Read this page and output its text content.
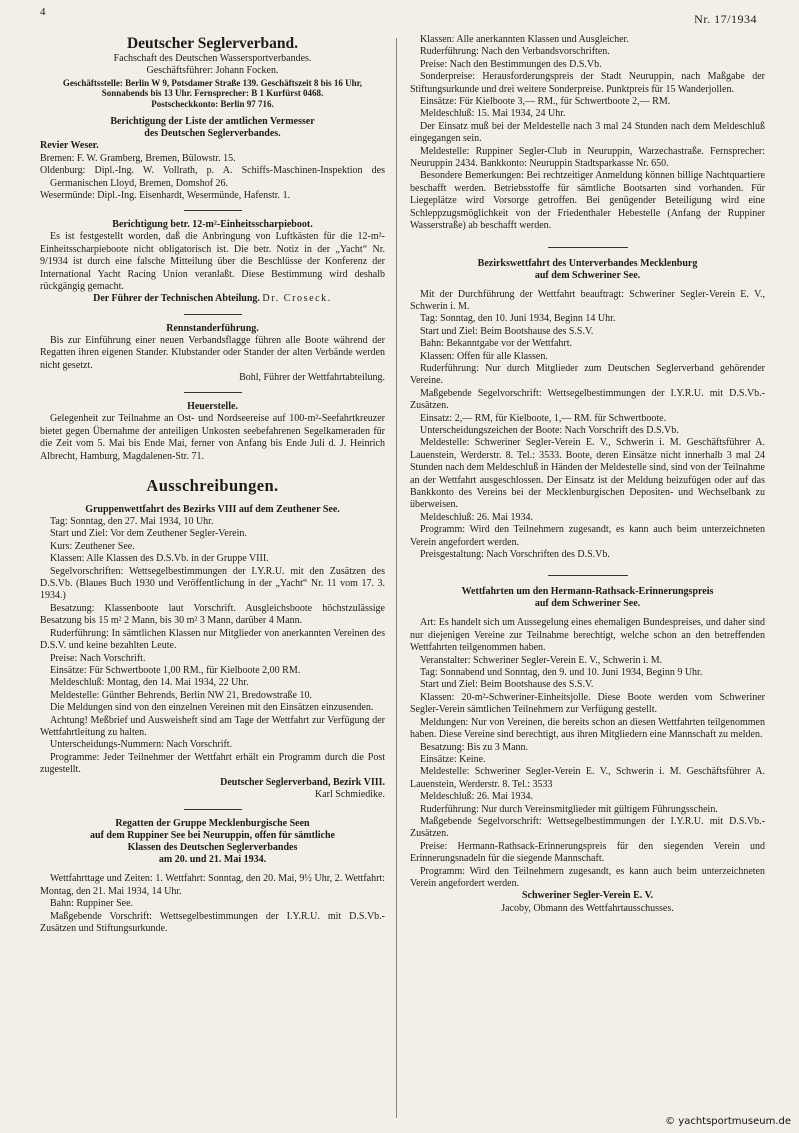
4	Nr. 17/1934

Deutscher Seglerverband.

Fachschaft des Deutschen Wassersportverbandes.

Geschäftsführer: Johann Focken.

Geschäftsstelle: Berlin W 9, Potsdamer Straße 139. Geschäftszeit 8 bis 16 Uhr,
Sonnabends bis 13 Uhr. Fernsprecher: B 1 Kurfürst 0468.
Postscheckkonto: Berlin 97 716.

Berichtigung der Liste der amtlichen Vermesser
des Deutschen Seglerverbandes.

Revier Weser.

Bremen: F. W. Gramberg, Bremen, Bülowstr. 15.

Oldenburg: Dipl.-Ing. W. Vollrath, p. A. Schiffs-Maschinen-Inspektion des Germanischen Lloyd, Bremen, Domshof 26.

Wesermünde: Dipl.-Ing. Eisenhardt, Wesermünde, Hafenstr. 1.

Berichtigung betr. 12-m²-Einheitsscharpieboot.

Es ist festgestellt worden, daß die Anbringung von Luftkästen für die 12-m²-Einheitsscharpieboote nicht obligatorisch ist. Die betr. Notiz in der „Yacht“ Nr. 9/1934 ist durch eine falsche Mitteilung über die Beschlüsse der Konferenz der International Yacht Racing Union veranlaßt. Diese Bestimmung wird deshalb rückgängig gemacht.

Der Führer der Technischen Abteilung. Dr. Croseck.

Rennstanderführung.

Bis zur Einführung einer neuen Verbandsflagge führen alle Boote während der Regatten ihren eigenen Stander. Klubstander oder Stander der alten Verbände werden nicht gesetzt.

Bohl, Führer der Wettfahrtabteilung.

Heuerstelle.

Gelegenheit zur Teilnahme an Ost- und Nordseereise auf 100-m²-Seefahrtkreuzer bietet gegen Übernahme der anteiligen Unkosten seebefahrenen Segelkameraden für die Zeit vom 5. Mai bis Ende Mai, ferner von Anfang bis Ende Juli d. J. Heinrich Albrecht, Hamburg, Magdalenen-Str. 71.

Ausschreibungen.

Gruppenwettfahrt des Bezirks VIII auf dem Zeuthener See.

Tag: Sonntag, den 27. Mai 1934, 10 Uhr.

Start und Ziel: Vor dem Zeuthener Segler-Verein.

Kurs: Zeuthener See.

Klassen: Alle Klassen des D.S.Vb. in der Gruppe VIII.

Segelvorschriften: Wettsegelbestimmungen der I.Y.R.U. mit den Zusätzen des D.S.Vb. (Blaues Buch 1930 und Veröffentlichung in der „Yacht“ Nr. 11 vom 17. 3. 1934.)

Besatzung: Klassenboote laut Vorschrift. Ausgleichsboote höchstzulässige Besatzung bis 15 m² 2 Mann, bis 30 m² 3 Mann, darüber 4 Mann.

Ruderführung: In sämtlichen Klassen nur Mitglieder von anerkannten Vereinen des D.S.V. und keine bezahlten Leute.

Preise: Nach Vorschrift.

Einsätze: Für Schwertboote 1,00 RM., für Kielboote 2,00 RM.

Meldeschluß: Montag, den 14. Mai 1934, 22 Uhr.

Meldestelle: Günther Behrends, Berlin NW 21, Bredowstraße 10.

Die Meldungen sind von den einzelnen Vereinen mit den Einsätzen einzusenden.

Achtung! Meßbrief und Ausweisheft sind am Tage der Wettfahrt zur Verfügung der Wettfahrtleitung zu halten.

Unterscheidungs-Nummern: Nach Vorschrift.

Programme: Jeder Teilnehmer der Wettfahrt erhält ein Programm durch die Post zugestellt.

Deutscher Seglerverband, Bezirk VIII.

Karl Schmiedike.

Regatten der Gruppe Mecklenburgische Seen
auf dem Ruppiner See bei Neuruppin, offen für sämtliche
Klassen des Deutschen Seglerverbandes
am 20. und 21. Mai 1934.

Wettfahrttage und Zeiten: 1. Wettfahrt: Sonntag, den 20. Mai, 9½ Uhr, 2. Wettfahrt: Montag, den 21. Mai 1934, 14 Uhr.

Bahn: Ruppiner See.

Maßgebende Vorschrift: Wettsegelbestimmungen der I.Y.R.U. mit D.S.Vb.-Zusätzen und Stiftungsurkunde.

Klassen: Alle anerkannten Klassen und Ausgleicher.

Ruderführung: Nach den Verbandsvorschriften.

Preise: Nach den Bestimmungen des D.S.Vb.

Sonderpreise: Herausforderungspreis der Stadt Neuruppin, nach Maßgabe der Stiftungsurkunde und drei weitere Sonderpreise. Punktpreis für 15 Wanderjollen.

Einsätze: Für Kielboote 3,— RM., für Schwertboote 2,— RM.

Meldeschluß: 15. Mai 1934, 24 Uhr.

Der Einsatz muß bei der Meldestelle nach 3 mal 24 Stunden nach dem Meldeschluß eingegangen sein.

Meldestelle: Ruppiner Segler-Club in Neuruppin, Warzechastraße. Fernsprecher: Neuruppin 2434. Bankkonto: Neuruppin Stadtsparkasse Nr. 650.

Besondere Bemerkungen: Bei rechtzeitiger Anmeldung können billige Nachtquartiere beschafft werden. Betriebsstoffe für sämtliche Bootsarten sind vorhanden. Für Liegeplätze wird Vorsorge getroffen. Bei genügender Beteiligung wird eine Schleppzugsmöglichkeit von der Friedenthaler Hebestelle (Anfang der Ruppiner Wasserstraße) ab beschafft werden.

Bezirkswettfahrt des Unterverbandes Mecklenburg
auf dem Schweriner See.

Mit der Durchführung der Wettfahrt beauftragt: Schweriner Segler-Verein E. V., Schwerin i. M.

Tag: Sonntag, den 10. Juni 1934, Beginn 14 Uhr.

Start und Ziel: Beim Bootshause des S.S.V.

Bahn: Bekanntgabe vor der Wettfahrt.

Klassen: Offen für alle Klassen.

Ruderführung: Nur durch Mitglieder zum Deutschen Seglerverband gehörender Vereine.

Maßgebende Segelvorschrift: Wettsegelbestimmungen der I.Y.R.U. mit D.S.Vb.-Zusätzen.

Einsatz: 2,— RM, für Kielboote, 1,— RM. für Schwertboote.

Unterscheidungszeichen der Boote: Nach Vorschrift des D.S.Vb.

Meldestelle: Schweriner Segler-Verein E. V., Schwerin i. M. Geschäftsführer A. Lauenstein, Werderstr. 8. Tel.: 3533. Boote, deren Einsätze nicht innerhalb 3 mal 24 Stunden nach dem Meldeschluß in Händen der Meldestelle sind, sind von der Teilnahme an der Wettfahrt ausgeschlossen. Der Einsatz ist der Meldung beizufügen oder auf das Bankkonto des Vereins bei der Mecklenburgischen Depositen- und Wechselbank zu überweisen.

Meldeschluß: 26. Mai 1934.

Programm: Wird den Teilnehmern zugesandt, es kann auch beim unterzeichneten Verein angefordert werden.

Preisgestaltung: Nach Vorschriften des D.S.Vb.

Wettfahrten um den Hermann-Rathsack-Erinnerungspreis
auf dem Schweriner See.

Art: Es handelt sich um Aussegelung eines ehemaligen Bundespreises, und daher sind nur diejenigen Vereine zur Teilnahme berechtigt, welche schon an den betreffenden Wettfahrten teilgenommen haben.

Veranstalter: Schweriner Segler-Verein E. V., Schwerin i. M.

Tag: Sonnabend und Sonntag, den 9. und 10. Juni 1934, Beginn 9 Uhr.

Start und Ziel: Beim Bootshause des S.S.V.

Klassen: 20-m²-Schweriner-Einheitsjolle. Diese Boote werden vom Schweriner Segler-Verein sämtlichen Teilnehmern zur Verfügung gestellt.

Meldungen: Nur von Vereinen, die bereits schon an diesen Wettfahrten teilgenommen haben. Diese Vereine sind berechtigt, aus ihren Mitgliedern eine Mannschaft zu melden.

Besatzung: Bis zu 3 Mann.

Einsätze: Keine.

Meldestelle: Schweriner Segler-Verein E. V., Schwerin i. M. Geschäftsführer A. Lauenstein, Werderstr. 8. Tel.: 3533

Meldeschluß: 26. Mai 1934.

Ruderführung: Nur durch Vereinsmitglieder mit gültigem Führungsschein.

Maßgebende Segelvorschrift: Wettsegelbestimmungen der I.Y.R.U. mit D.S.Vb.-Zusätzen.

Preise: Hermann-Rathsack-Erinnerungspreis für den siegenden Verein und Erinnerungsnadeln für die siegende Mannschaft.

Programm: Wird den Teilnehmern zugesandt, es kann auch beim unterzeichneten Verein angefordert werden.

Schweriner Segler-Verein E. V.

Jacoby, Obmann des Wettfahrtausschusses.

© yachtsportmuseum.de
